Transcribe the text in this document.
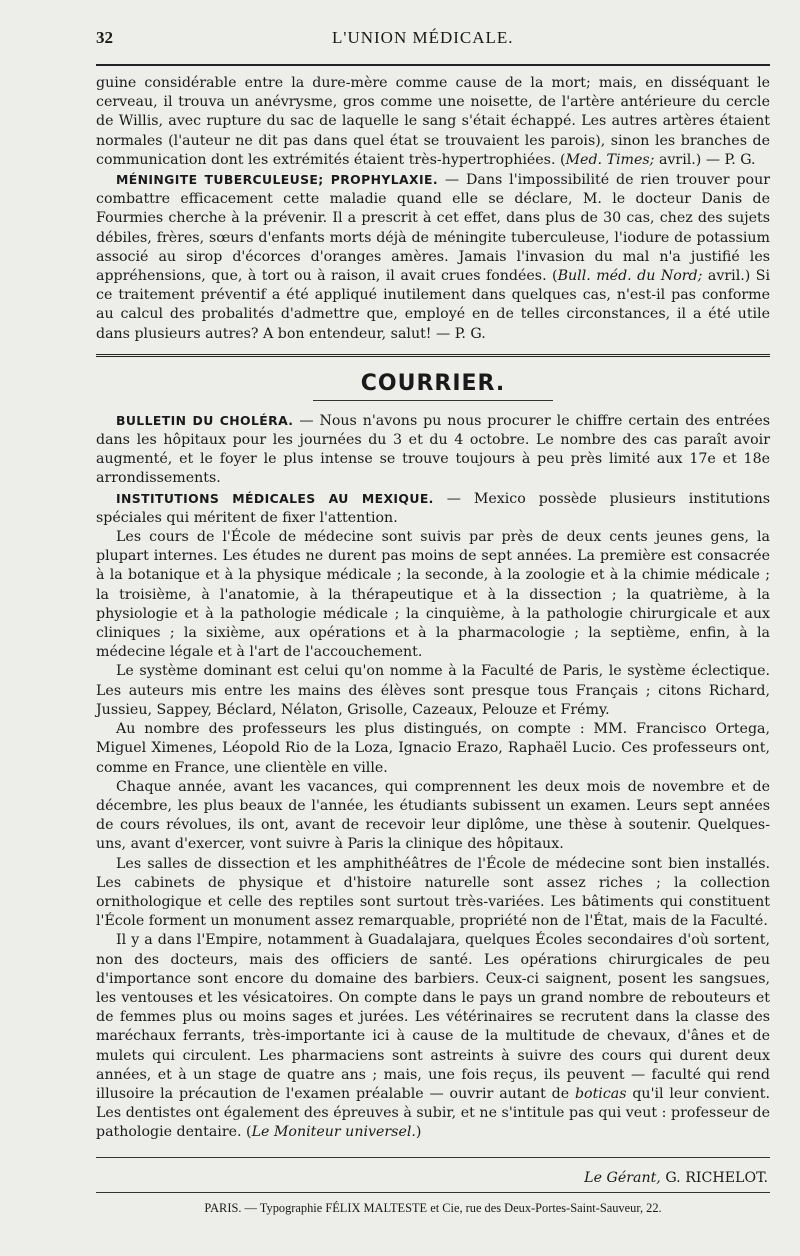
32	L'UNION MÉDICALE.

guine considérable entre la dure-mère comme cause de la mort; mais, en disséquant le cerveau, il trouva un anévrysme, gros comme une noisette, de l'artère antérieure du cercle de Willis, avec rupture du sac de laquelle le sang s'était échappé. Les autres artères étaient normales (l'auteur ne dit pas dans quel état se trouvaient les parois), sinon les branches de communication dont les extrémités étaient très-hypertrophiées. (Med. Times; avril.) — P. G.

MÉNINGITE TUBERCULEUSE; PROPHYLAXIE. — Dans l'impossibilité de rien trouver pour combattre efficacement cette maladie quand elle se déclare, M. le docteur Danis de Fourmies cherche à la prévenir. Il a prescrit à cet effet, dans plus de 30 cas, chez des sujets débiles, frères, sœurs d'enfants morts déjà de méningite tuberculeuse, l'iodure de potassium associé au sirop d'écorces d'oranges amères. Jamais l'invasion du mal n'a justifié les appréhensions, que, à tort ou à raison, il avait crues fondées. (Bull. méd. du Nord; avril.) Si ce traitement préventif a été appliqué inutilement dans quelques cas, n'est-il pas conforme au calcul des probalités d'admettre que, employé en de telles circonstances, il a été utile dans plusieurs autres? A bon entendeur, salut! — P. G.

COURRIER.

BULLETIN DU CHOLÉRA. — Nous n'avons pu nous procurer le chiffre certain des entrées dans les hôpitaux pour les journées du 3 et du 4 octobre. Le nombre des cas paraît avoir augmenté, et le foyer le plus intense se trouve toujours à peu près limité aux 17e et 18e arrondissements.

INSTITUTIONS MÉDICALES AU MEXIQUE. — Mexico possède plusieurs institutions spéciales qui méritent de fixer l'attention.

Les cours de l'École de médecine sont suivis par près de deux cents jeunes gens, la plupart internes. Les études ne durent pas moins de sept années. La première est consacrée à la botanique et à la physique médicale ; la seconde, à la zoologie et à la chimie médicale ; la troisième, à l'anatomie, à la thérapeutique et à la dissection ; la quatrième, à la physiologie et à la pathologie médicale ; la cinquième, à la pathologie chirurgicale et aux cliniques ; la sixième, aux opérations et à la pharmacologie ; la septième, enfin, à la médecine légale et à l'art de l'accouchement.

Le système dominant est celui qu'on nomme à la Faculté de Paris, le système éclectique. Les auteurs mis entre les mains des élèves sont presque tous Français ; citons Richard, Jussieu, Sappey, Béclard, Nélaton, Grisolle, Cazeaux, Pelouze et Frémy.

Au nombre des professeurs les plus distingués, on compte : MM. Francisco Ortega, Miguel Ximenes, Léopold Rio de la Loza, Ignacio Erazo, Raphaël Lucio. Ces professeurs ont, comme en France, une clientèle en ville.

Chaque année, avant les vacances, qui comprennent les deux mois de novembre et de décembre, les plus beaux de l'année, les étudiants subissent un examen. Leurs sept années de cours révolues, ils ont, avant de recevoir leur diplôme, une thèse à soutenir. Quelques-uns, avant d'exercer, vont suivre à Paris la clinique des hôpitaux.

Les salles de dissection et les amphithéâtres de l'École de médecine sont bien installés. Les cabinets de physique et d'histoire naturelle sont assez riches ; la collection ornithologique et celle des reptiles sont surtout très-variées. Les bâtiments qui constituent l'École forment un monument assez remarquable, propriété non de l'État, mais de la Faculté.

Il y a dans l'Empire, notamment à Guadalajara, quelques Écoles secondaires d'où sortent, non des docteurs, mais des officiers de santé. Les opérations chirurgicales de peu d'importance sont encore du domaine des barbiers. Ceux-ci saignent, posent les sangsues, les ventouses et les vésicatoires. On compte dans le pays un grand nombre de rebouteurs et de femmes plus ou moins sages et jurées. Les vétérinaires se recrutent dans la classe des maréchaux ferrants, très-importante ici à cause de la multitude de chevaux, d'ânes et de mulets qui circulent. Les pharmaciens sont astreints à suivre des cours qui durent deux années, et à un stage de quatre ans ; mais, une fois reçus, ils peuvent — faculté qui rend illusoire la précaution de l'examen préalable — ouvrir autant de boticas qu'il leur convient. Les dentistes ont également des épreuves à subir, et ne s'intitule pas qui veut : professeur de pathologie dentaire. (Le Moniteur universel.)

Le Gérant, G. RICHELOT.
PARIS. — Typographie FÉLIX MALTESTE et Cie, rue des Deux-Portes-Saint-Sauveur, 22.
